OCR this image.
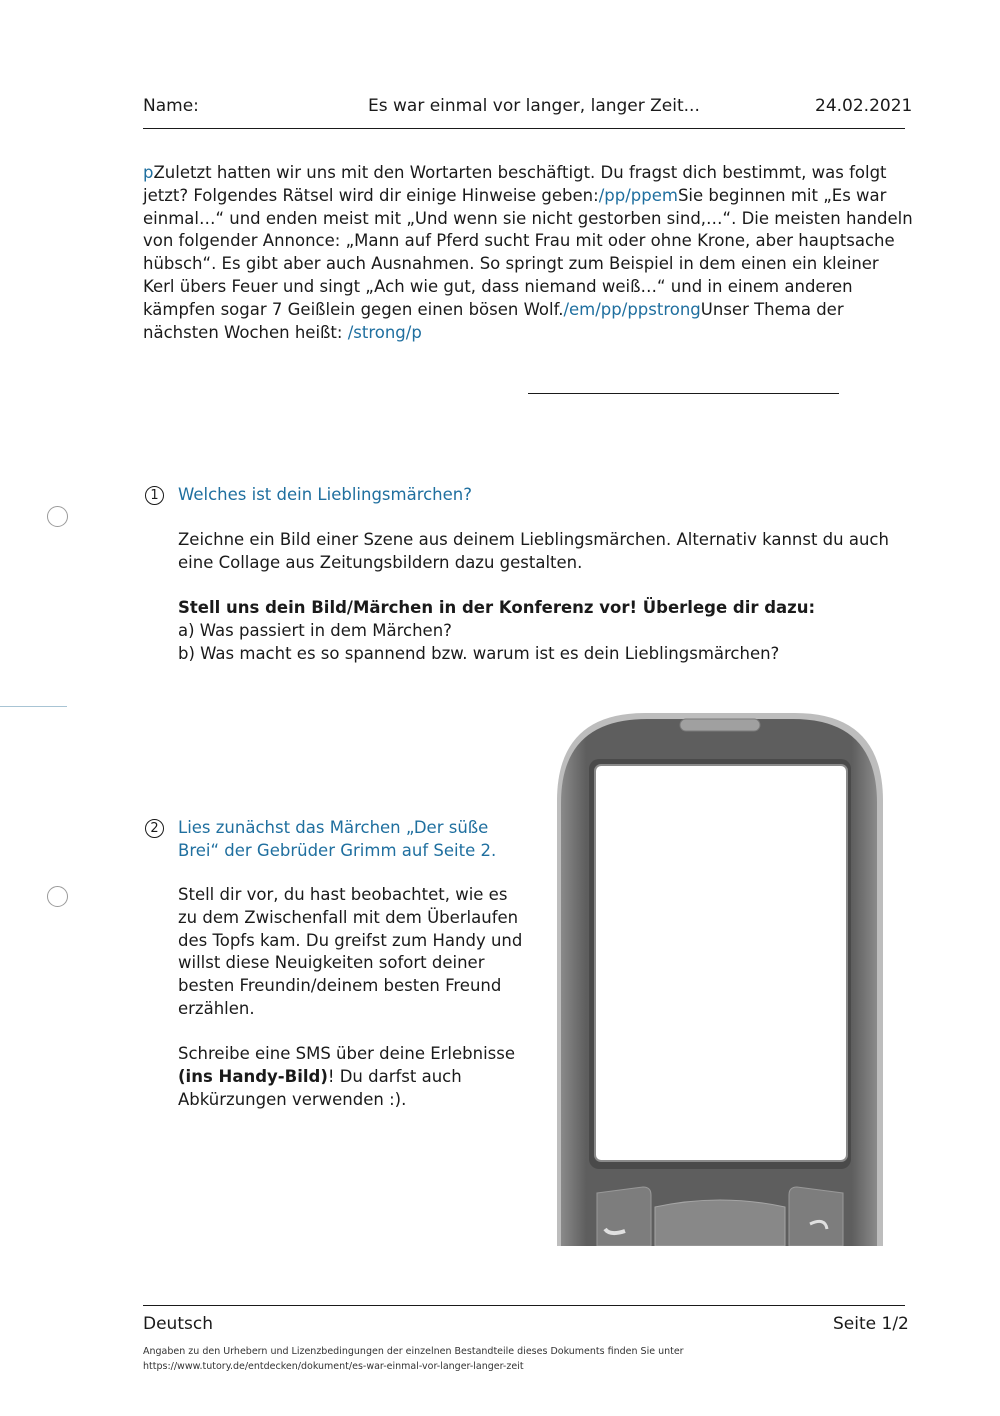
Name:	Es war einmal vor langer, langer Zeit...	24.02.2021
pZuletzt hatten wir uns mit den Wortarten beschäftigt. Du fragst dich bestimmt, was folgt jetzt? Folgendes Rätsel wird dir einige Hinweise geben:/pp/ppemSie beginnen mit „Es war einmal…“ und enden meist mit „Und wenn sie nicht gestorben sind,…“. Die meisten handeln von folgender Annonce: „Mann auf Pferd sucht Frau mit oder ohne Krone, aber hauptsache hübsch“. Es gibt aber auch Ausnahmen. So springt zum Beispiel in dem einen ein kleiner Kerl übers Feuer und singt „Ach wie gut, dass niemand weiß…“ und in einem anderen kämpfen sogar 7 Geißlein gegen einen bösen Wolf./em/pp/ppstrongUnser Thema der nächsten Wochen heißt: /strong/p
1	Welches ist dein Lieblingsmärchen?
Zeichne ein Bild einer Szene aus deinem Lieblingsmärchen. Alternativ kannst du auch eine Collage aus Zeitungsbildern dazu gestalten.
Stell uns dein Bild/Märchen in der Konferenz vor! Überlege dir dazu:
a) Was passiert in dem Märchen?
b) Was macht es so spannend bzw. warum ist es dein Lieblingsmärchen?
2	Lies zunächst das Märchen „Der süße Brei“ der Gebrüder Grimm auf Seite 2.
Stell dir vor, du hast beobachtet, wie es zu dem Zwischenfall mit dem Überlaufen des Topfs kam. Du greifst zum Handy und willst diese Neuigkeiten sofort deiner besten Freundin/deinem besten Freund erzählen.
Schreibe eine SMS über deine Erlebnisse (ins Handy-Bild)! Du darfst auch Abkürzungen verwenden :).
Deutsch	Seite 1/2
Angaben zu den Urhebern und Lizenzbedingungen der einzelnen Bestandteile dieses Dokuments finden Sie unter
https://www.tutory.de/entdecken/dokument/es-war-einmal-vor-langer-langer-zeit
